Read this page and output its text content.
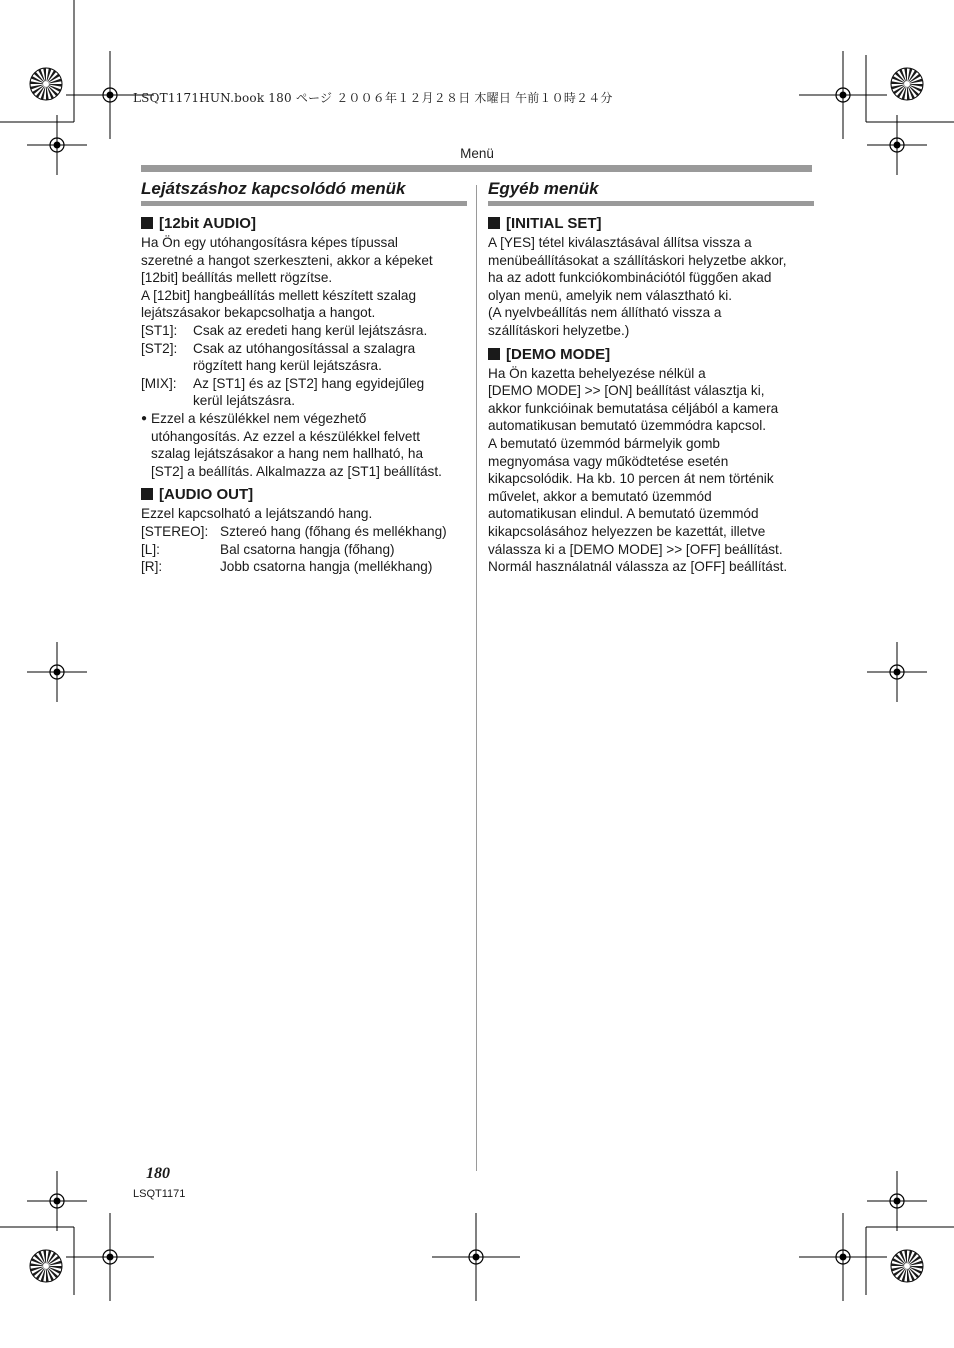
LSQT1171HUN.book 180 ページ ２００６年１２月２８日 木曜日 午前１０時２４分
Menü
Lejátszáshoz kapcsolódó menük
[12bit AUDIO]
Ha Ön egy utóhangosításra képes típussal
szeretné a hangot szerkeszteni, akkor a képeket
[12bit] beállítás mellett rögzítse.
A [12bit] hangbeállítás mellett készített szalag
lejátszásakor bekapcsolhatja a hangot.
[ST1]:	Csak az eredeti hang kerül lejátszásra.
[ST2]:	Csak az utóhangosítással a szalagra
rögzített hang kerül lejátszásra.
[MIX]:	Az [ST1] és az [ST2] hang egyidejűleg
kerül lejátszásra.
● Ezzel a készülékkel nem végezhető
utóhangosítás. Az ezzel a készülékkel felvett
szalag lejátszásakor a hang nem hallható, ha
[ST2] a beállítás. Alkalmazza az [ST1] beállítást.
[AUDIO OUT]
Ezzel kapcsolható a lejátszandó hang.
[STEREO]: Sztereó hang (főhang és mellékhang)
[L]:	Bal csatorna hangja (főhang)
[R]:	Jobb csatorna hangja (mellékhang)
Egyéb menük
[INITIAL SET]
A [YES] tétel kiválasztásával állítsa vissza a
menübeállításokat a szállításkori helyzetbe akkor,
ha az adott funkciókombinációtól függően akad
olyan menü, amelyik nem választható ki.
(A nyelvbeállítás nem állítható vissza a
szállításkori helyzetbe.)
[DEMO MODE]
Ha Ön kazetta behelyezése nélkül a
[DEMO MODE] >> [ON] beállítást választja ki,
akkor funkcióinak bemutatása céljából a kamera
automatikusan bemutató üzemmódra kapcsol.
A bemutató üzemmód bármelyik gomb
megnyomása vagy működtetése esetén
kikapcsolódik. Ha kb. 10 percen át nem történik
művelet, akkor a bemutató üzemmód
automatikusan elindul. A bemutató üzemmód
kikapcsolásához helyezzen be kazettát, illetve
válassza ki a [DEMO MODE] >> [OFF] beállítást.
Normál használatnál válassza az [OFF] beállítást.
180
LSQT1171
